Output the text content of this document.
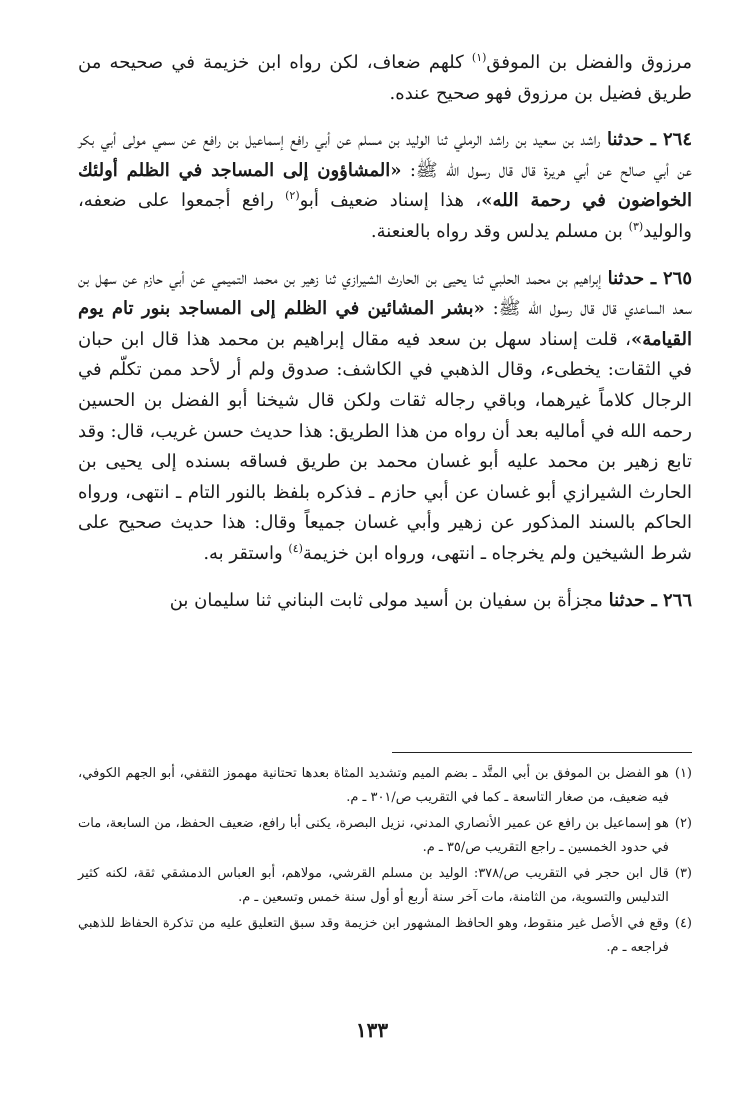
مرزوق والفضل بن الموفق$^{(١)}$ كلهم ضعاف، لكن رواه ابن خزيمة في صحيحه من طريق فضيل بن مرزوق فهو صحيح عنده.

٢٦٤ ـ حدثنا راشد بن سعيد بن راشد الرملي ثنا الوليد بن مسلم عن أبي رافع إسماعيل بن رافع عن سمي مولى أبي بكر عن أبي صالح عن أبي هريرة قال قال رسول الله ﷺ: «المشاؤون إلى المساجد في الظلم أولئك الخواضون في رحمة الله»، هذا إسناد ضعيف أبو$^{(٢)}$ رافع أجمعوا على ضعفه، والوليد$^{(٣)}$ بن مسلم يدلس وقد رواه بالعنعنة.

٢٦٥ ـ حدثنا إبراهيم بن محمد الحلبي ثنا يحيى بن الحارث الشيرازي ثنا زهير بن محمد التميمي عن أبي حازم عن سهل بن سعد الساعدي قال قال رسول الله ﷺ: «بشر المشائين في الظلم إلى المساجد بنور تام يوم القيامة»، قلت إسناد سهل بن سعد فيه مقال إبراهيم بن محمد هذا قال ابن حبان في الثقات: يخطىء، وقال الذهبي في الكاشف: صدوق ولم أر لأحد ممن تكلّم في الرجال كلاماً غيرهما، وباقي رجاله ثقات ولكن قال شيخنا أبو الفضل بن الحسين رحمه الله في أماليه بعد أن رواه من هذا الطريق: هذا حديث حسن غريب، قال: وقد تابع زهير بن محمد عليه أبو غسان محمد بن طريق فساقه بسنده إلى يحيى بن الحارث الشيرازي أبو غسان عن أبي حازم ـ فذكره بلفظ بالنور التام ـ انتهى، ورواه الحاكم بالسند المذكور عن زهير وأبي غسان جميعاً وقال: هذا حديث صحيح على شرط الشيخين ولم يخرجاه ـ انتهى، ورواه ابن خزيمة$^{(٤)}$ واستقر به.

٢٦٦ ـ حدثنا مجزأة بن سفيان بن أسيد مولى ثابت البناني ثنا سليمان بن

(١)
هو الفضل بن الموفق بن أبي المتَّد ـ بضم الميم وتشديد المثاة بعدها تحتانية مهموز الثقفي، أبو الجهم الكوفي، فيه ضعيف، من صغار التاسعة ـ كما في التقريب ص/٣٠١ ـ م.

(٢)
هو إسماعيل بن رافع عن عمير الأنصاري المدني، نزيل البصرة، يكنى أبا رافع، ضعيف الحفظ، من السابعة، مات في حدود الخمسين ـ راجع التقريب ص/٣٥ ـ م.

(٣)
قال ابن حجر في التقريب ص/٣٧٨: الوليد بن مسلم القرشي، مولاهم، أبو العباس الدمشقي ثقة، لكنه كثير التدليس والتسوية، من الثامنة، مات آخر سنة أربع أو أول سنة خمس وتسعين ـ م.

(٤)
وقع في الأصل غير منقوط، وهو الحافظ المشهور ابن خزيمة وقد سبق التعليق عليه من تذكرة الحفاظ للذهبي فراجعه ـ م.

١٣٣
